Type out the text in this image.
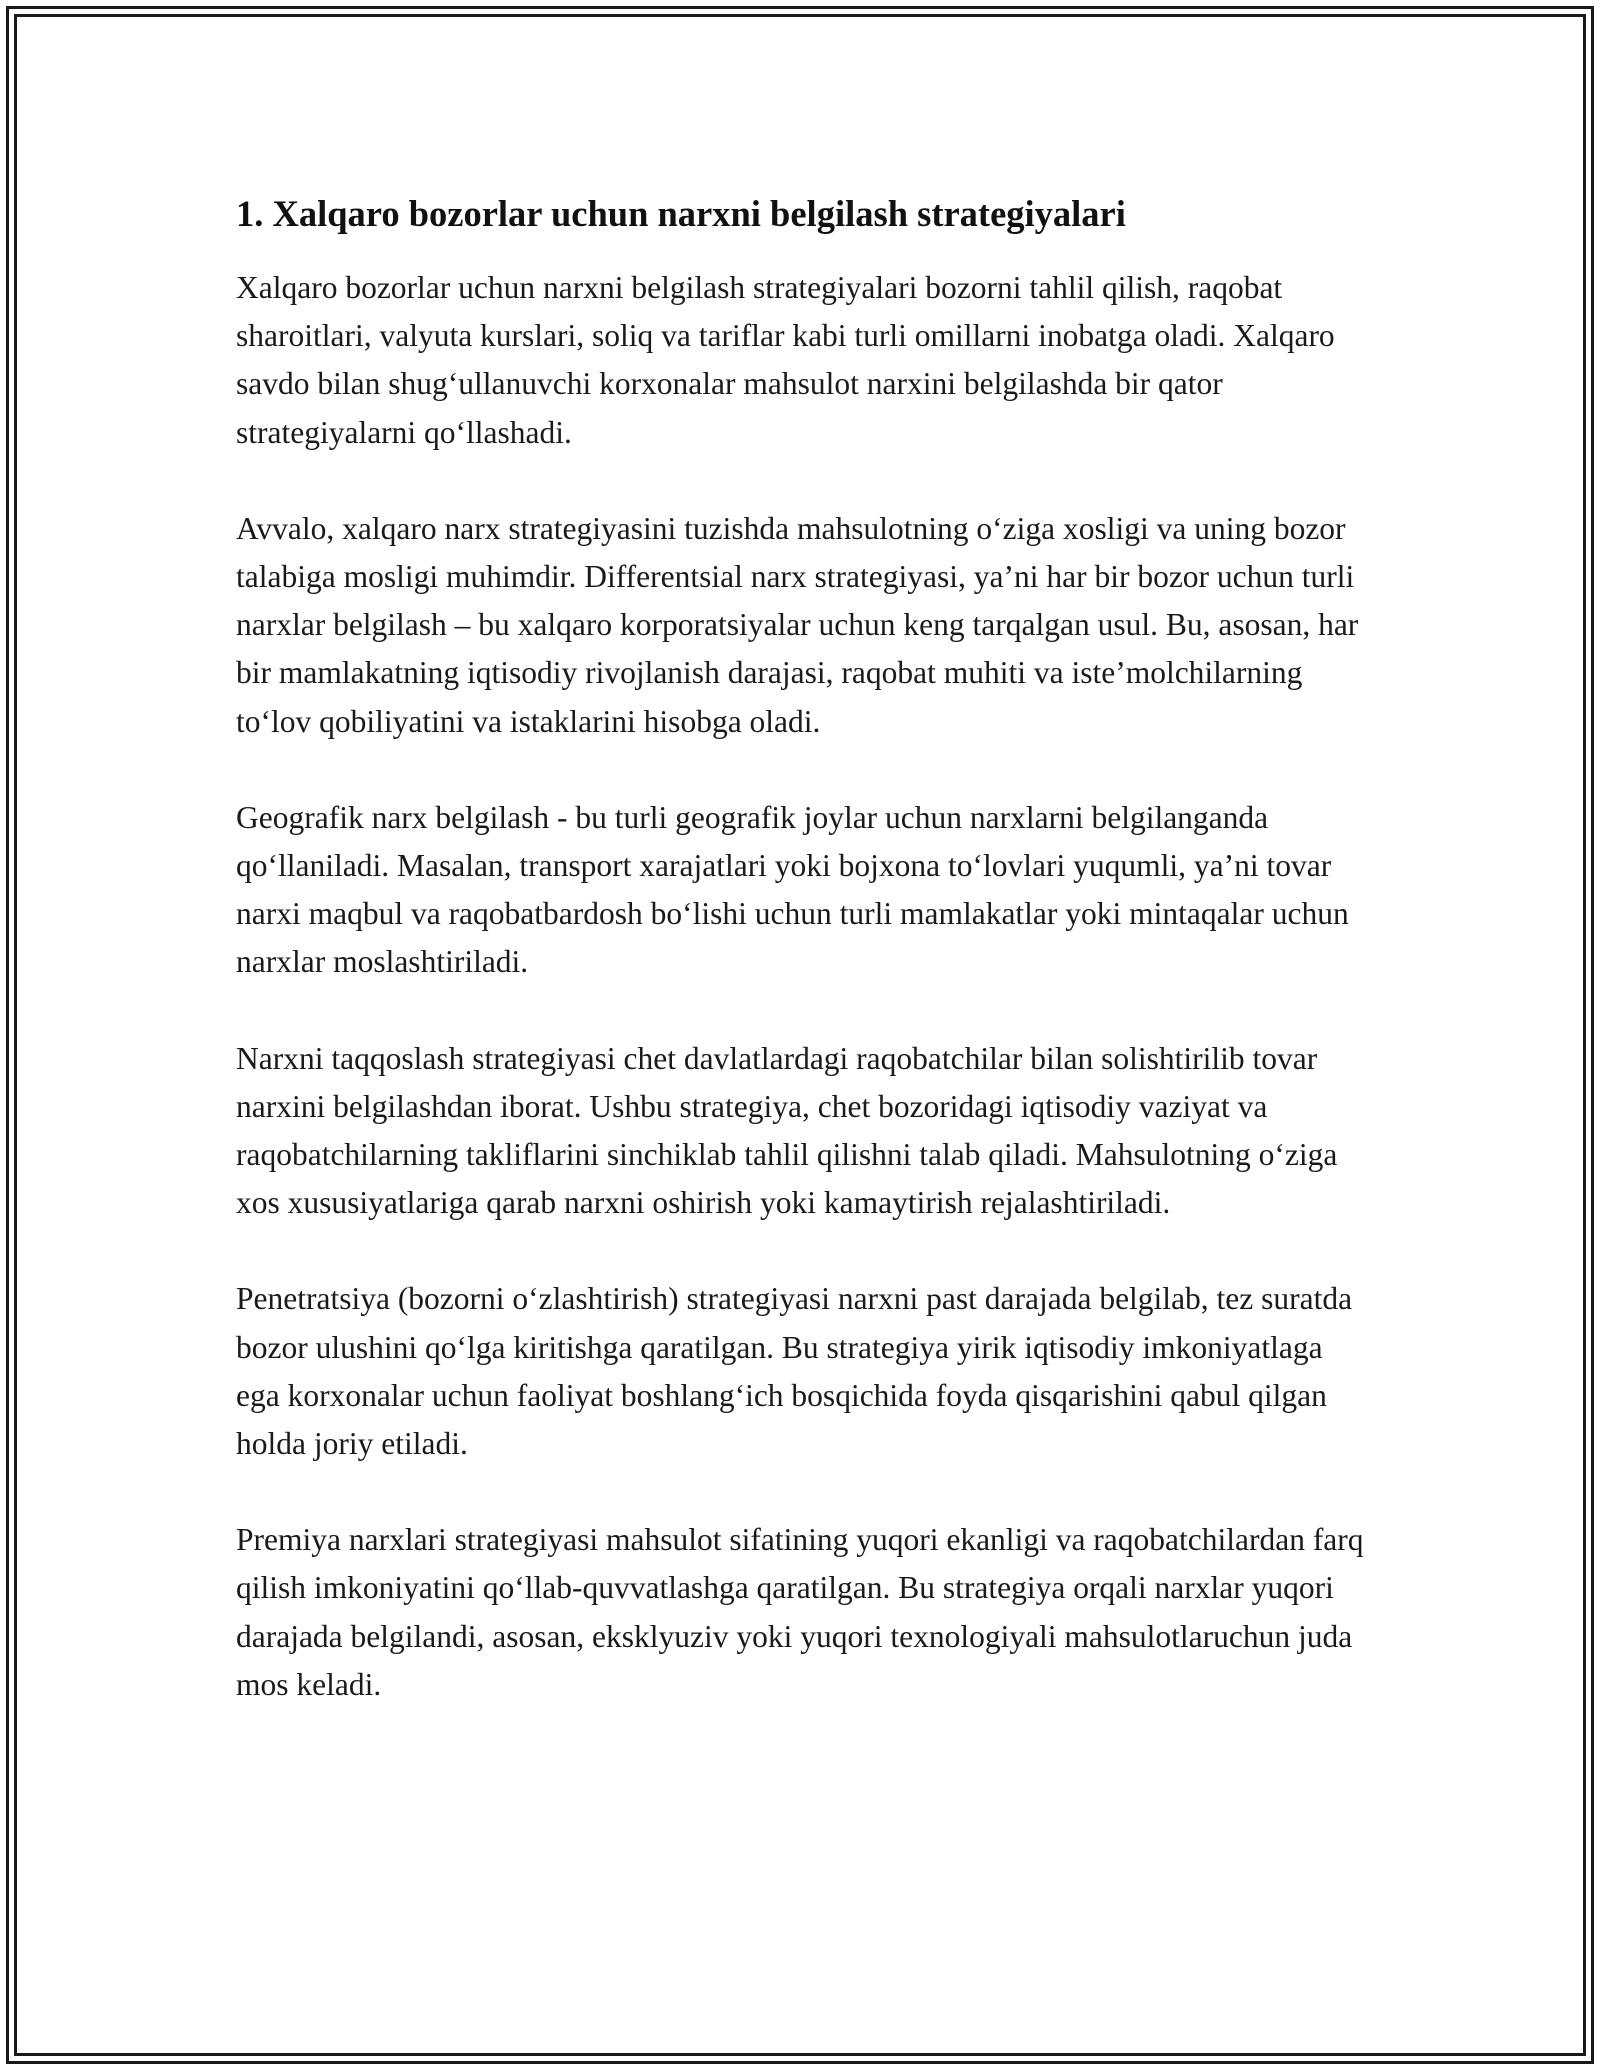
1. Xalqaro bozorlar uchun narxni belgilash strategiyalari

Xalqaro bozorlar uchun narxni belgilash strategiyalari bozorni tahlil qilish, raqobat sharoitlari, valyuta kurslari, soliq va tariflar kabi turli omillarni inobatga oladi. Xalqaro savdo bilan shug‘ullanuvchi korxonalar mahsulot narxini belgilashda bir qator strategiyalarni qo‘llashadi.

Avvalo, xalqaro narx strategiyasini tuzishda mahsulotning o‘ziga xosligi va uning bozor talabiga mosligi muhimdir. Differentsial narx strategiyasi, ya’ni har bir bozor uchun turli narxlar belgilash – bu xalqaro korporatsiyalar uchun keng tarqalgan usul. Bu, asosan, har bir mamlakatning iqtisodiy rivojlanish darajasi, raqobat muhiti va iste’molchilarning to‘lov qobiliyatini va istaklarini hisobga oladi.

Geografik narx belgilash - bu turli geografik joylar uchun narxlarni belgilanganda qo‘llaniladi. Masalan, transport xarajatlari yoki bojxona to‘lovlari yuqumli, ya’ni tovar narxi maqbul va raqobatbardosh bo‘lishi uchun turli mamlakatlar yoki mintaqalar uchun narxlar moslashtiriladi.

Narxni taqqoslash strategiyasi chet davlatlardagi raqobatchilar bilan solishtirilib tovar narxini belgilashdan iborat. Ushbu strategiya, chet bozoridagi iqtisodiy vaziyat va raqobatchilarning takliflarini sinchiklab tahlil qilishni talab qiladi. Mahsulotning o‘ziga xos xususiyatlariga qarab narxni oshirish yoki kamaytirish rejalashtiriladi.

Penetratsiya (bozorni o‘zlashtirish) strategiyasi narxni past darajada belgilab, tez suratda bozor ulushini qo‘lga kiritishga qaratilgan. Bu strategiya yirik iqtisodiy imkoniyatlaga ega korxonalar uchun faoliyat boshlang‘ich bosqichida foyda qisqarishini qabul qilgan holda joriy etiladi.

Premiya narxlari strategiyasi mahsulot sifatining yuqori ekanligi va raqobatchilardan farq qilish imkoniyatini qo‘llab-quvvatlashga qaratilgan. Bu strategiya orqali narxlar yuqori darajada belgilandi, asosan, eksklyuziv yoki yuqori texnologiyali mahsulotlaruchun juda mos keladi.
